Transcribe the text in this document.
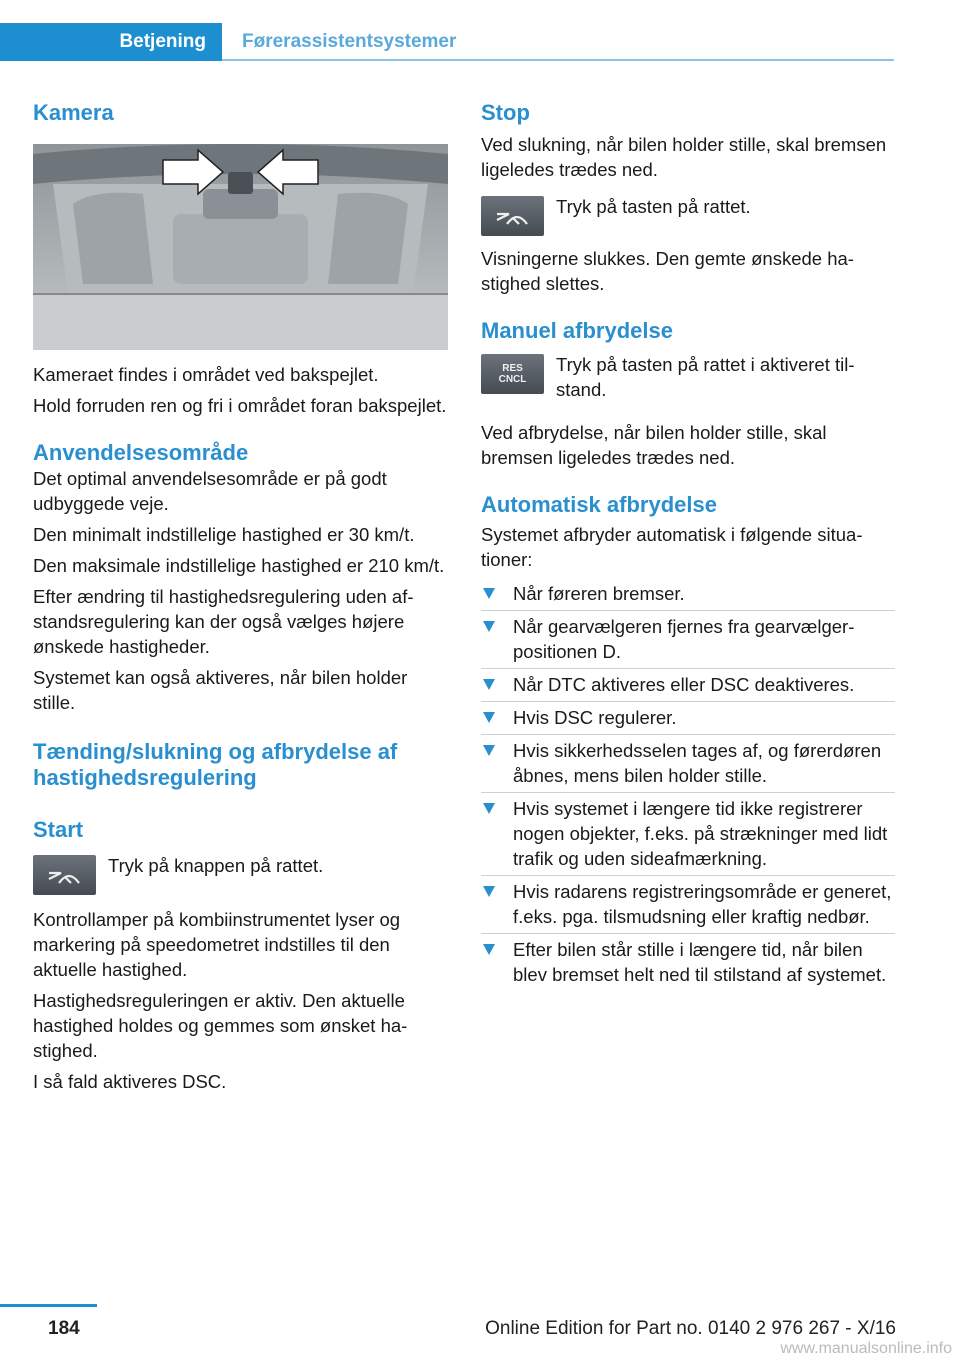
Betjening	Førerassistentsystemer
Kamera

Kameraet findes i området ved bakspejlet.

Hold forruden ren og fri i området foran bakspejlet.

Anvendelsesområde

Det optimal anvendelsesområde er på godt udbyggede veje.

Den minimalt indstillelige hastighed er 30 km/t.

Den maksimale indstillelige hastighed er 210 km/t.

Efter ændring til hastighedsregulering uden afstandsregulering kan der også vælges højere ønskede hastigheder.

Systemet kan også aktiveres, når bilen holder stille.

Tænding/slukning og afbrydelse af hastighedsregulering
Start

Tryk på knappen på rattet.

Kontrollamper på kombiinstrumentet lyser og markering på speedometret indstilles til den aktuelle hastighed.

Hastighedsreguleringen er aktiv. Den aktuelle hastighed holdes og gemmes som ønsket hastighed.

I så fald aktiveres DSC.

Stop

Ved slukning, når bilen holder stille, skal bremsen ligeledes trædes ned.

Tryk på tasten på rattet.

Visningerne slukkes. Den gemte ønskede hastighed slettes.

Manuel afbrydelse
RES
CNCL

Tryk på tasten på rattet i aktiveret tilstand.

Ved afbrydelse, når bilen holder stille, skal bremsen ligeledes trædes ned.

Automatisk afbrydelse

Systemet afbryder automatisk i følgende situationer:

Når føreren bremser.
Når gearvælgeren fjernes fra gearvælgerpositionen D.
Når DTC aktiveres eller DSC deaktiveres.
Hvis DSC regulerer.
Hvis sikkerhedsselen tages af, og førerdøren åbnes, mens bilen holder stille.
Hvis systemet i længere tid ikke registrerer nogen objekter, f.eks. på strækninger med lidt trafik og uden sideafmærkning.
Hvis radarens registreringsområde er generet, f.eks. pga. tilsmudsning eller kraftig nedbør.
Efter bilen står stille i længere tid, når bilen blev bremset helt ned til stilstand af systemet.
184	Online Edition for Part no. 0140 2 976 267 - X/16
www.manualsonline.info
